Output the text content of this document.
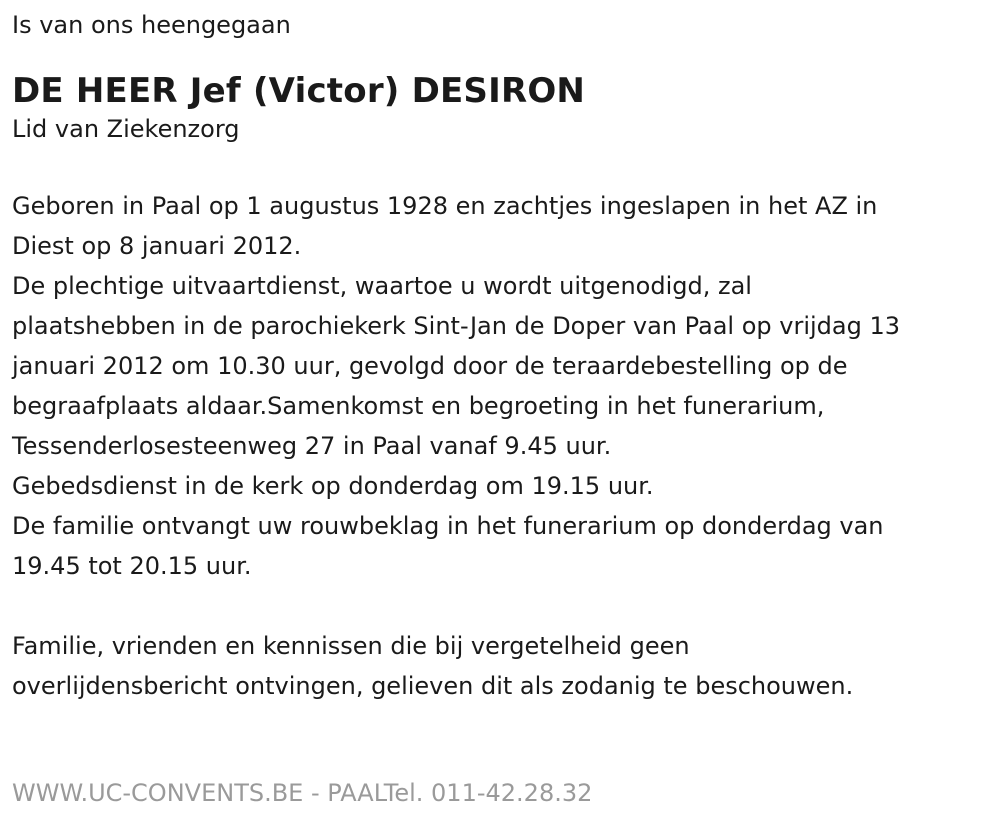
Is van ons heengegaan

DE HEER Jef (Victor) DESIRON

Lid van Ziekenzorg

Geboren in Paal op 1 augustus 1928 en zachtjes ingeslapen in het AZ in
Diest op 8 januari 2012.
De plechtige uitvaartdienst, waartoe u wordt uitgenodigd, zal
plaatshebben in de parochiekerk Sint-Jan de Doper van Paal op vrijdag 13
januari 2012 om 10.30 uur, gevolgd door de teraardebestelling op de
begraafplaats aldaar.Samenkomst en begroeting in het funerarium,
Tessenderlosesteenweg 27 in Paal vanaf 9.45 uur.
Gebedsdienst in de kerk op donderdag om 19.15 uur.
De familie ontvangt uw rouwbeklag in het funerarium op donderdag van
19.45 tot 20.15 uur.
Familie, vrienden en kennissen die bij vergetelheid geen
overlijdensbericht ontvingen, gelieven dit als zodanig te beschouwen.
WWW.UC-CONVENTS.BE - PAALTel. 011-42.28.32
